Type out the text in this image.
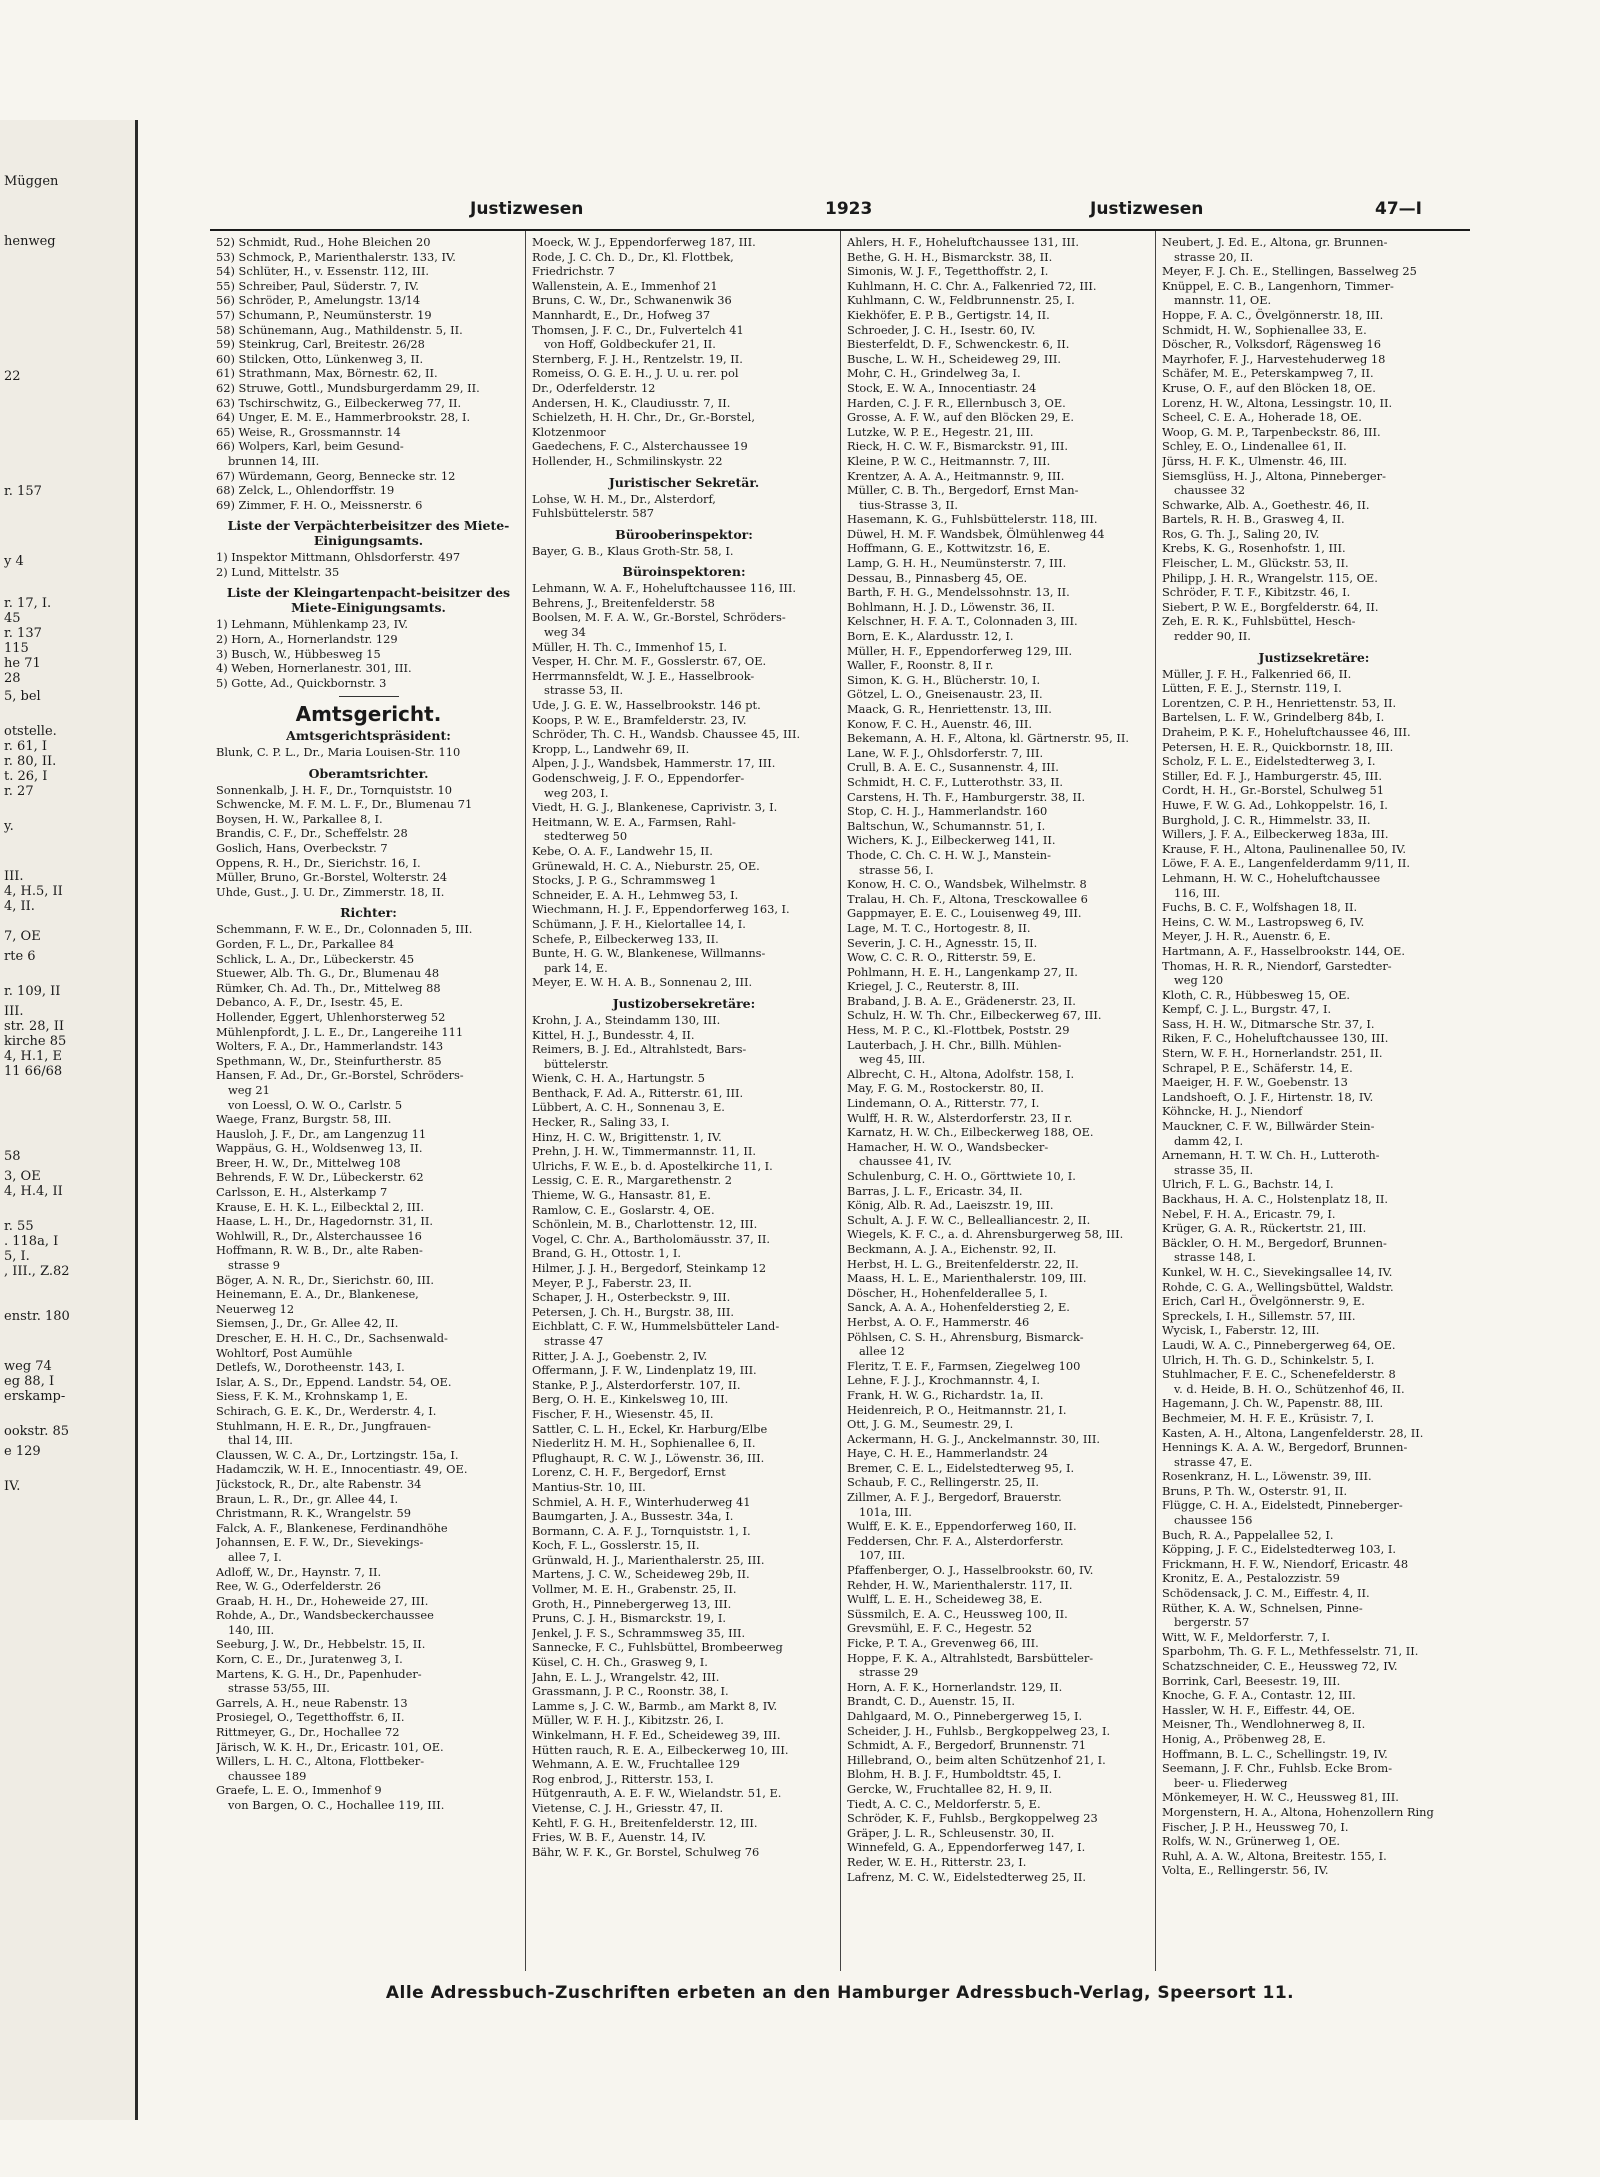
Müggen
henweg
22
r. 157
y 4
r. 17, I.
45
r. 137
115
he 71
28
5, bel
otstelle.
r. 61, I
r. 80, II.
t. 26, I
r. 27
y.
III.
4, H.5, II
4, II.
7, OE
rte 6
r. 109, II
III.
str. 28, II
kirche 85
4, H.1, E
11 66/68
58
3, OE
4, H.4, II
r. 55
. 118a, I
5, I.
, III., Z.82
enstr. 180
weg 74
eg 88, I
erskamp-
ookstr. 85
e 129
IV.
Justizwesen	1923	Justizwesen	47—I
52) Schmidt, Rud., Hohe Bleichen 20
53) Schmock, P., Marienthalerstr. 133, IV.
54) Schlüter, H., v. Essenstr. 112, III.
55) Schreiber, Paul, Süderstr. 7, IV.
56) Schröder, P., Amelungstr. 13/14
57) Schumann, P., Neumünsterstr. 19
58) Schünemann, Aug., Mathildenstr. 5, II.
59) Steinkrug, Carl, Breitestr. 26/28
60) Stilcken, Otto, Lünkenweg 3, II.
61) Strathmann, Max, Börnestr. 62, II.
62) Struwe, Gottl., Mundsburgerdamm 29, II.
63) Tschirschwitz, G., Eilbeckerweg 77, II.
64) Unger, E. M. E., Hammerbrookstr. 28, I.
65) Weise, R., Grossmannstr. 14
66) Wolpers, Karl, beim Gesund-
brunnen 14, III.
67) Würdemann, Georg, Bennecke str. 12
68) Zelck, L., Ohlendorffstr. 19
69) Zimmer, F. H. O., Meissnerstr. 6
Liste der Verpächterbeisitzer des Miete-Einigungsamts.
1) Inspektor Mittmann, Ohlsdorferstr. 497
2) Lund, Mittelstr. 35
Liste der Kleingartenpacht-beisitzer des Miete-Einigungsamts.
1) Lehmann, Mühlenkamp 23, IV.
2) Horn, A., Hornerlandstr. 129
3) Busch, W., Hübbesweg 15
4) Weben, Hornerlanestr. 301, III.
5) Gotte, Ad., Quickbornstr. 3
Amtsgericht.
Amtsgerichtspräsident:
Blunk, C. P. L., Dr., Maria Louisen-Str. 110
Oberamtsrichter.
Sonnenkalb, J. H. F., Dr., Tornquiststr. 10
Schwencke, M. F. M. L. F., Dr., Blumenau 71
Boysen, H. W., Parkallee 8, I.
Brandis, C. F., Dr., Scheffelstr. 28
Goslich, Hans, Overbeckstr. 7
Oppens, R. H., Dr., Sierichstr. 16, I.
Müller, Bruno, Gr.-Borstel, Wolterstr. 24
Uhde, Gust., J. U. Dr., Zimmerstr. 18, II.
Richter:
Schemmann, F. W. E., Dr., Colonnaden 5, III.
Gorden, F. L., Dr., Parkallee 84
Schlick, L. A., Dr., Lübeckerstr. 45
Stuewer, Alb. Th. G., Dr., Blumenau 48
Rümker, Ch. Ad. Th., Dr., Mittelweg 88
Debanco, A. F., Dr., Isestr. 45, E.
Hollender, Eggert, Uhlenhorsterweg 52
Mühlenpfordt, J. L. E., Dr., Langereihe 111
Wolters, F. A., Dr., Hammerlandstr. 143
Spethmann, W., Dr., Steinfurtherstr. 85
Hansen, F. Ad., Dr., Gr.-Borstel, Schröders-
weg 21
von Loessl, O. W. O., Carlstr. 5
Waege, Franz, Burgstr. 58, III.
Hausloh, J. F., Dr., am Langenzug 11
Wappäus, G. H., Woldsenweg 13, II.
Breer, H. W., Dr., Mittelweg 108
Behrends, F. W. Dr., Lübeckerstr. 62
Carlsson, E. H., Alsterkamp 7
Krause, E. H. K. L., Eilbecktal 2, III.
Haase, L. H., Dr., Hagedornstr. 31, II.
Wohlwill, R., Dr., Alsterchaussee 16
Hoffmann, R. W. B., Dr., alte Raben-
strasse 9
Böger, A. N. R., Dr., Sierichstr. 60, III.
Heinemann, E. A., Dr., Blankenese,
Neuerweg 12
Siemsen, J., Dr., Gr. Allee 42, II.
Drescher, E. H. H. C., Dr., Sachsenwald-
Wohltorf, Post Aumühle
Detlefs, W., Dorotheenstr. 143, I.
Islar, A. S., Dr., Eppend. Landstr. 54, OE.
Siess, F. K. M., Krohnskamp 1, E.
Schirach, G. E. K., Dr., Werderstr. 4, I.
Stuhlmann, H. E. R., Dr., Jungfrauen-
thal 14, III.
Claussen, W. C. A., Dr., Lortzingstr. 15a, I.
Hadamczik, W. H. E., Innocentiastr. 49, OE.
Jückstock, R., Dr., alte Rabenstr. 34
Braun, L. R., Dr., gr. Allee 44, I.
Christmann, R. K., Wrangelstr. 59
Falck, A. F., Blankenese, Ferdinandhöhe
Johannsen, E. F. W., Dr., Sievekings-
allee 7, I.
Adloff, W., Dr., Haynstr. 7, II.
Ree, W. G., Oderfelderstr. 26
Graab, H. H., Dr., Hoheweide 27, III.
Rohde, A., Dr., Wandsbeckerchaussee
140, III.
Seeburg, J. W., Dr., Hebbelstr. 15, II.
Korn, C. E., Dr., Juratenweg 3, I.
Martens, K. G. H., Dr., Papenhuder-
strasse 53/55, III.
Garrels, A. H., neue Rabenstr. 13
Prosiegel, O., Tegetthoffstr. 6, II.
Rittmeyer, G., Dr., Hochallee 72
Järisch, W. K. H., Dr., Ericastr. 101, OE.
Willers, L. H. C., Altona, Flottbeker-
chaussee 189
Graefe, L. E. O., Immenhof 9
von Bargen, O. C., Hochallee 119, III.
Moeck, W. J., Eppendorferweg 187, III.
Rode, J. C. Ch. D., Dr., Kl. Flottbek,
Friedrichstr. 7
Wallenstein, A. E., Immenhof 21
Bruns, C. W., Dr., Schwanenwik 36
Mannhardt, E., Dr., Hofweg 37
Thomsen, J. F. C., Dr., Fulvertelch 41
von Hoff, Goldbeckufer 21, II.
Sternberg, F. J. H., Rentzelstr. 19, II.
Romeiss, O. G. E. H., J. U. u. rer. pol
Dr., Oderfelderstr. 12
Andersen, H. K., Claudiusstr. 7, II.
Schielzeth, H. H. Chr., Dr., Gr.-Borstel,
Klotzenmoor
Gaedechens, F. C., Alsterchaussee 19
Hollender, H., Schmilinskystr. 22
Juristischer Sekretär.
Lohse, W. H. M., Dr., Alsterdorf,
Fuhlsbüttelerstr. 587
Bürooberinspektor:
Bayer, G. B., Klaus Groth-Str. 58, I.
Büroinspektoren:
Lehmann, W. A. F., Hoheluftchaussee 116, III.
Behrens, J., Breitenfelderstr. 58
Boolsen, M. F. A. W., Gr.-Borstel, Schröders-
weg 34
Müller, H. Th. C., Immenhof 15, I.
Vesper, H. Chr. M. F., Gosslerstr. 67, OE.
Herrmannsfeldt, W. J. E., Hasselbrook-
strasse 53, II.
Ude, J. G. E. W., Hasselbrookstr. 146 pt.
Koops, P. W. E., Bramfelderstr. 23, IV.
Schröder, Th. C. H., Wandsb. Chaussee 45, III.
Kropp, L., Landwehr 69, II.
Alpen, J. J., Wandsbek, Hammerstr. 17, III.
Godenschweig, J. F. O., Eppendorfer-
weg 203, I.
Viedt, H. G. J., Blankenese, Caprivistr. 3, I.
Heitmann, W. E. A., Farmsen, Rahl-
stedterweg 50
Kebe, O. A. F., Landwehr 15, II.
Grünewald, H. C. A., Nieburstr. 25, OE.
Stocks, J. P. G., Schrammsweg 1
Schneider, E. A. H., Lehmweg 53, I.
Wiechmann, H. J. F., Eppendorferweg 163, I.
Schümann, J. F. H., Kielortallee 14, I.
Schefe, P., Eilbeckerweg 133, II.
Bunte, H. G. W., Blankenese, Willmanns-
park 14, E.
Meyer, E. W. H. A. B., Sonnenau 2, III.
Justizobersekretäre:
Krohn, J. A., Steindamm 130, III.
Kittel, H. J., Bundesstr. 4, II.
Reimers, B. J. Ed., Altrahlstedt, Bars-
büttelerstr.
Wienk, C. H. A., Hartungstr. 5
Benthack, F. Ad. A., Ritterstr. 61, III.
Lübbert, A. C. H., Sonnenau 3, E.
Hecker, R., Saling 33, I.
Hinz, H. C. W., Brigittenstr. 1, IV.
Prehn, J. H. W., Timmermannstr. 11, II.
Ulrichs, F. W. E., b. d. Apostelkirche 11, I.
Lessig, C. E. R., Margarethenstr. 2
Thieme, W. G., Hansastr. 81, E.
Ramlow, C. E., Goslarstr. 4, OE.
Schönlein, M. B., Charlottenstr. 12, III.
Vogel, C. Chr. A., Bartholomäusstr. 37, II.
Brand, G. H., Ottostr. 1, I.
Hilmer, J. J. H., Bergedorf, Steinkamp 12
Meyer, P. J., Faberstr. 23, II.
Schaper, J. H., Osterbeckstr. 9, III.
Petersen, J. Ch. H., Burgstr. 38, III.
Eichblatt, C. F. W., Hummelsbütteler Land-
strasse 47
Ritter, J. A. J., Goebenstr. 2, IV.
Offermann, J. F. W., Lindenplatz 19, III.
Stanke, P. J., Alsterdorferstr. 107, II.
Berg, O. H. E., Kinkelsweg 10, III.
Fischer, F. H., Wiesenstr. 45, II.
Sattler, C. L. H., Eckel, Kr. Harburg/Elbe
Niederlitz H. M. H., Sophienallee 6, II.
Pflughaupt, R. C. W. J., Löwenstr. 36, III.
Lorenz, C. H. F., Bergedorf, Ernst
Mantius-Str. 10, III.
Schmiel, A. H. F., Winterhuderweg 41
Baumgarten, J. A., Bussestr. 34a, I.
Bormann, C. A. F. J., Tornquiststr. 1, I.
Koch, F. L., Gosslerstr. 15, II.
Grünwald, H. J., Marienthalerstr. 25, III.
Martens, J. C. W., Scheideweg 29b, II.
Vollmer, M. E. H., Grabenstr. 25, II.
Groth, H., Pinnebergerweg 13, III.
Pruns, C. J. H., Bismarckstr. 19, I.
Jenkel, J. F. S., Schrammsweg 35, III.
Sannecke, F. C., Fuhlsbüttel, Brombeerweg
Küsel, C. H. Ch., Grasweg 9, I.
Jahn, E. L. J., Wrangelstr. 42, III.
Grassmann, J. P. C., Roonstr. 38, I.
Lamme s, J. C. W., Barmb., am Markt 8, IV.
Müller, W. F. H. J., Kibitzstr. 26, I.
Winkelmann, H. F. Ed., Scheideweg 39, III.
Hütten rauch, R. E. A., Eilbeckerweg 10, III.
Wehmann, A. E. W., Fruchtallee 129
Rog enbrod, J., Ritterstr. 153, I.
Hütgenrauth, A. E. F. W., Wielandstr. 51, E.
Vietense, C. J. H., Griesstr. 47, II.
Kehtl, F. G. H., Breitenfelderstr. 12, III.
Fries, W. B. F., Auenstr. 14, IV.
Bähr, W. F. K., Gr. Borstel, Schulweg 76
Ahlers, H. F., Hoheluftchaussee 131, III.
Bethe, G. H. H., Bismarckstr. 38, II.
Simonis, W. J. F., Tegetthoffstr. 2, I.
Kuhlmann, H. C. Chr. A., Falkenried 72, III.
Kuhlmann, C. W., Feldbrunnenstr. 25, I.
Kiekhöfer, E. P. B., Gertigstr. 14, II.
Schroeder, J. C. H., Isestr. 60, IV.
Biesterfeldt, D. F., Schwenckestr. 6, II.
Busche, L. W. H., Scheideweg 29, III.
Mohr, C. H., Grindelweg 3a, I.
Stock, E. W. A., Innocentiastr. 24
Harden, C. J. F. R., Ellernbusch 3, OE.
Grosse, A. F. W., auf den Blöcken 29, E.
Lutzke, W. P. E., Hegestr. 21, III.
Rieck, H. C. W. F., Bismarckstr. 91, III.
Kleine, P. W. C., Heitmannstr. 7, III.
Krentzer, A. A. A., Heitmannstr. 9, III.
Müller, C. B. Th., Bergedorf, Ernst Man-
tius-Strasse 3, II.
Hasemann, K. G., Fuhlsbüttelerstr. 118, III.
Düwel, H. M. F. Wandsbek, Ölmühlenweg 44
Hoffmann, G. E., Kottwitzstr. 16, E.
Lamp, G. H. H., Neumünsterstr. 7, III.
Dessau, B., Pinnasberg 45, OE.
Barth, F. H. G., Mendelssohnstr. 13, II.
Bohlmann, H. J. D., Löwenstr. 36, II.
Kelschner, H. F. A. T., Colonnaden 3, III.
Born, E. K., Alardusstr. 12, I.
Müller, H. F., Eppendorferweg 129, III.
Waller, F., Roonstr. 8, II r.
Simon, K. G. H., Blücherstr. 10, I.
Götzel, L. O., Gneisenaustr. 23, II.
Maack, G. R., Henriettenstr. 13, III.
Konow, F. C. H., Auenstr. 46, III.
Bekemann, A. H. F., Altona, kl. Gärtnerstr. 95, II.
Lane, W. F. J., Ohlsdorferstr. 7, III.
Crull, B. A. E. C., Susannenstr. 4, III.
Schmidt, H. C. F., Lutterothstr. 33, II.
Carstens, H. Th. F., Hamburgerstr. 38, II.
Stop, C. H. J., Hammerlandstr. 160
Baltschun, W., Schumannstr. 51, I.
Wichers, K. J., Eilbeckerweg 141, II.
Thode, C. Ch. C. H. W. J., Manstein-
strasse 56, I.
Konow, H. C. O., Wandsbek, Wilhelmstr. 8
Tralau, H. Ch. F., Altona, Tresckowallee 6
Gappmayer, E. E. C., Louisenweg 49, III.
Lage, M. T. C., Hortogestr. 8, II.
Severin, J. C. H., Agnesstr. 15, II.
Wow, C. C. R. O., Ritterstr. 59, E.
Pohlmann, H. E. H., Langenkamp 27, II.
Kriegel, J. C., Reuterstr. 8, III.
Braband, J. B. A. E., Grädenerstr. 23, II.
Schulz, H. W. Th. Chr., Eilbeckerweg 67, III.
Hess, M. P. C., Kl.-Flottbek, Poststr. 29
Lauterbach, J. H. Chr., Billh. Mühlen-
weg 45, III.
Albrecht, C. H., Altona, Adolfstr. 158, I.
May, F. G. M., Rostockerstr. 80, II.
Lindemann, O. A., Ritterstr. 77, I.
Wulff, H. R. W., Alsterdorferstr. 23, II r.
Karnatz, H. W. Ch., Eilbeckerweg 188, OE.
Hamacher, H. W. O., Wandsbecker-
chaussee 41, IV.
Schulenburg, C. H. O., Görttwiete 10, I.
Barras, J. L. F., Ericastr. 34, II.
König, Alb. R. Ad., Laeiszstr. 19, III.
Schult, A. J. F. W. C., Bellealliancestr. 2, II.
Wiegels, K. F. C., a. d. Ahrensburgerweg 58, III.
Beckmann, A. J. A., Eichenstr. 92, II.
Herbst, H. L. G., Breitenfelderstr. 22, II.
Maass, H. L. E., Marienthalerstr. 109, III.
Döscher, H., Hohenfelderallee 5, I.
Sanck, A. A. A., Hohenfelderstieg 2, E.
Herbst, A. O. F., Hammerstr. 46
Pöhlsen, C. S. H., Ahrensburg, Bismarck-
allee 12
Fleritz, T. E. F., Farmsen, Ziegelweg 100
Lehne, F. J. J., Krochmannstr. 4, I.
Frank, H. W. G., Richardstr. 1a, II.
Heidenreich, P. O., Heitmannstr. 21, I.
Ott, J. G. M., Seumestr. 29, I.
Ackermann, H. G. J., Anckelmannstr. 30, III.
Haye, C. H. E., Hammerlandstr. 24
Bremer, C. E. L., Eidelstedterweg 95, I.
Schaub, F. C., Rellingerstr. 25, II.
Zillmer, A. F. J., Bergedorf, Brauerstr.
101a, III.
Wulff, E. K. E., Eppendorferweg 160, II.
Feddersen, Chr. F. A., Alsterdorferstr.
107, III.
Pfaffenberger, O. J., Hasselbrookstr. 60, IV.
Rehder, H. W., Marienthalerstr. 117, II.
Wulff, L. E. H., Scheideweg 38, E.
Süssmilch, E. A. C., Heussweg 100, II.
Grevsmühl, E. F. C., Hegestr. 52
Ficke, P. T. A., Grevenweg 66, III.
Hoppe, F. K. A., Altrahlstedt, Barsbütteler-
strasse 29
Horn, A. F. K., Hornerlandstr. 129, II.
Brandt, C. D., Auenstr. 15, II.
Dahlgaard, M. O., Pinnebergerweg 15, I.
Scheider, J. H., Fuhlsb., Bergkoppelweg 23, I.
Schmidt, A. F., Bergedorf, Brunnenstr. 71
Hillebrand, O., beim alten Schützenhof 21, I.
Blohm, H. B. J. F., Humboldtstr. 45, I.
Gercke, W., Fruchtallee 82, H. 9, II.
Tiedt, A. C. C., Meldorferstr. 5, E.
Schröder, K. F., Fuhlsb., Bergkoppelweg 23
Gräper, J. L. R., Schleusenstr. 30, II.
Winnefeld, G. A., Eppendorferweg 147, I.
Reder, W. E. H., Ritterstr. 23, I.
Lafrenz, M. C. W., Eidelstedterweg 25, II.
Neubert, J. Ed. E., Altona, gr. Brunnen-
strasse 20, II.
Meyer, F. J. Ch. E., Stellingen, Basselweg 25
Knüppel, E. C. B., Langenhorn, Timmer-
mannstr. 11, OE.
Hoppe, F. A. C., Övelgönnerstr. 18, III.
Schmidt, H. W., Sophienallee 33, E.
Döscher, R., Volksdorf, Rägensweg 16
Mayrhofer, F. J., Harvestehuderweg 18
Schäfer, M. E., Peterskampweg 7, II.
Kruse, O. F., auf den Blöcken 18, OE.
Lorenz, H. W., Altona, Lessingstr. 10, II.
Scheel, C. E. A., Hoherade 18, OE.
Woop, G. M. P., Tarpenbeckstr. 86, III.
Schley, E. O., Lindenallee 61, II.
Jürss, H. F. K., Ulmenstr. 46, III.
Siemsglüss, H. J., Altona, Pinneberger-
chaussee 32
Schwarke, Alb. A., Goethestr. 46, II.
Bartels, R. H. B., Grasweg 4, II.
Ros, G. Th. J., Saling 20, IV.
Krebs, K. G., Rosenhofstr. 1, III.
Fleischer, L. M., Glückstr. 53, II.
Philipp, J. H. R., Wrangelstr. 115, OE.
Schröder, F. T. F., Kibitzstr. 46, I.
Siebert, P. W. E., Borgfelderstr. 64, II.
Zeh, E. R. K., Fuhlsbüttel, Hesch-
redder 90, II.
Justizsekretäre:
Müller, J. F. H., Falkenried 66, II.
Lütten, F. E. J., Sternstr. 119, I.
Lorentzen, C. P. H., Henriettenstr. 53, II.
Bartelsen, L. F. W., Grindelberg 84b, I.
Draheim, P. K. F., Hoheluftchaussee 46, III.
Petersen, H. E. R., Quickbornstr. 18, III.
Scholz, F. L. E., Eidelstedterweg 3, I.
Stiller, Ed. F. J., Hamburgerstr. 45, III.
Cordt, H. H., Gr.-Borstel, Schulweg 51
Huwe, F. W. G. Ad., Lohkoppelstr. 16, I.
Burghold, J. C. R., Himmelstr. 33, II.
Willers, J. F. A., Eilbeckerweg 183a, III.
Krause, F. H., Altona, Paulinenallee 50, IV.
Löwe, F. A. E., Langenfelderdamm 9/11, II.
Lehmann, H. W. C., Hoheluftchaussee
116, III.
Fuchs, B. C. F., Wolfshagen 18, II.
Heins, C. W. M., Lastropsweg 6, IV.
Meyer, J. H. R., Auenstr. 6, E.
Hartmann, A. F., Hasselbrookstr. 144, OE.
Thomas, H. R. R., Niendorf, Garstedter-
weg 120
Kloth, C. R., Hübbesweg 15, OE.
Kempf, C. J. L., Burgstr. 47, I.
Sass, H. H. W., Ditmarsche Str. 37, I.
Riken, F. C., Hoheluftchaussee 130, III.
Stern, W. F. H., Hornerlandstr. 251, II.
Schrapel, P. E., Schäferstr. 14, E.
Maeiger, H. F. W., Goebenstr. 13
Landshoeft, O. J. F., Hirtenstr. 18, IV.
Köhncke, H. J., Niendorf
Mauckner, C. F. W., Billwärder Stein-
damm 42, I.
Arnemann, H. T. W. Ch. H., Lutteroth-
strasse 35, II.
Ulrich, F. L. G., Bachstr. 14, I.
Backhaus, H. A. C., Holstenplatz 18, II.
Nebel, F. H. A., Ericastr. 79, I.
Krüger, G. A. R., Rückertstr. 21, III.
Bäckler, O. H. M., Bergedorf, Brunnen-
strasse 148, I.
Kunkel, W. H. C., Sievekingsallee 14, IV.
Rohde, C. G. A., Wellingsbüttel, Waldstr.
Erich, Carl H., Övelgönnerstr. 9, E.
Spreckels, I. H., Sillemstr. 57, III.
Wycisk, I., Faberstr. 12, III.
Laudi, W. A. C., Pinnebergerweg 64, OE.
Ulrich, H. Th. G. D., Schinkelstr. 5, I.
Stuhlmacher, F. E. C., Schenefelderstr. 8
v. d. Heide, B. H. O., Schützenhof 46, II.
Hagemann, J. Ch. W., Papenstr. 88, III.
Bechmeier, M. H. F. E., Krüsistr. 7, I.
Kasten, A. H., Altona, Langenfelderstr. 28, II.
Hennings K. A. A. W., Bergedorf, Brunnen-
strasse 47, E.
Rosenkranz, H. L., Löwenstr. 39, III.
Bruns, P. Th. W., Osterstr. 91, II.
Flügge, C. H. A., Eidelstedt, Pinneberger-
chaussee 156
Buch, R. A., Pappelallee 52, I.
Köpping, J. F. C., Eidelstedterweg 103, I.
Frickmann, H. F. W., Niendorf, Ericastr. 48
Kronitz, E. A., Pestalozzistr. 59
Schödensack, J. C. M., Eiffestr. 4, II.
Rüther, K. A. W., Schnelsen, Pinne-
bergerstr. 57
Witt, W. F., Meldorferstr. 7, I.
Sparbohm, Th. G. F. L., Methfesselstr. 71, II.
Schatzschneider, C. E., Heussweg 72, IV.
Borrink, Carl, Beesestr. 19, III.
Knoche, G. F. A., Contastr. 12, III.
Hassler, W. H. F., Eiffestr. 44, OE.
Meisner, Th., Wendlohnerweg 8, II.
Honig, A., Pröbenweg 28, E.
Hoffmann, B. L. C., Schellingstr. 19, IV.
Seemann, J. F. Chr., Fuhlsb. Ecke Brom-
beer- u. Fliederweg
Mönkemeyer, H. W. C., Heussweg 81, III.
Morgenstern, H. A., Altona, Hohenzollern Ring
Fischer, J. P. H., Heussweg 70, I.
Rolfs, W. N., Grünerweg 1, OE.
Ruhl, A. A. W., Altona, Breitestr. 155, I.
Volta, E., Rellingerstr. 56, IV.
Alle Adressbuch-Zuschriften erbeten an den Hamburger Adressbuch-Verlag, Speersort 11.
